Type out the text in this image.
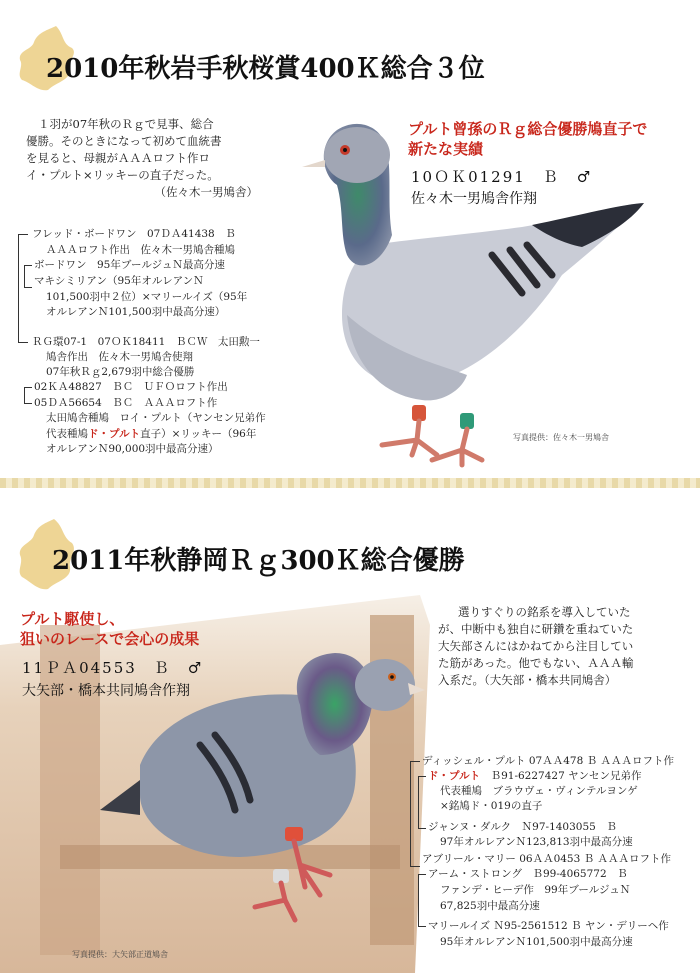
2010年秋岩手秋桜賞400Ｋ総合３位
１羽が07年秋のＲｇで見事、総合
優勝。そのときになって初めて血統書
を見ると、母親がＡＡＡロフト作ロ
イ・プルト×リッキーの直子だった。
（佐々木一男鳩舎）
フレッド・ボードワン　07ＤＡ41438　Ｂ
ＡＡＡロフト作出　佐々木一男鳩舎種鳩
ボードワン　95年ブールジュＮ最高分速
マキシミリアン（95年オルレアンＮ
101,500羽中２位）×マリールイズ（95年
オルレアンＮ101,500羽中最高分速）
ＲＧ環07-1　07ＯＫ18411　ＢＣＷ　太田勲一
鳩舎作出　佐々木一男鳩舎使翔
07年秋Ｒｇ2,679羽中総合優勝
02ＫＡ48827　ＢＣ　ＵＦＯロフト作出
05ＤＡ56654　ＢＣ　ＡＡＡロフト作
太田鳩舎種鳩　ロイ・プルト（ヤンセン兄弟作
代表種鳩ド・プルト直子）×リッキー（96年
オルレアンＮ90,000羽中最高分速）
プルト曾孫のＲｇ総合優勝鳩直子で
新たな実績
10ＯＫ01291　Ｂ　♂
佐々木一男鳩舎作翔
写真提供：佐々木一男鳩舎
2011年秋静岡Ｒｇ300Ｋ総合優勝
プルト駆使し、
狙いのレースで会心の成果
11ＰＡ04553　Ｂ　♂
大矢部・橋本共同鳩舎作翔
選りすぐりの銘系を導入していた
が、中断中も独自に研鑽を重ねていた
大矢部さんにはかねてから注目してい
た筋があった。他でもない、ＡＡＡ輸
入系だ。（大矢部・橋本共同鳩舎）
ディッシェル・プルト 07ＡＡ478 Ｂ ＡＡＡロフト作
ド・プルト　 Ｂ91-6227427 ヤンセン兄弟作
代表種鳩　ブラウヴェ・ヴィンテルヨンゲ
×銘鳩ド・019の直子
ジャンヌ・ダルク　Ｎ97-1403055　Ｂ
97年オルレアンＮ123,813羽中最高分速
アブリール・マリー 06ＡＡ0453 Ｂ ＡＡＡロフト作
アーム・ストロング　Ｂ99-4065772　Ｂ
ファンデ・ヒーデ作　99年ブールジュＮ
67,825羽中最高分速
マリールイズ Ｎ95-2561512 Ｂ ヤン・デリーヘ作
95年オルレアンＮ101,500羽中最高分速
写真提供：大矢部正道鳩舎
